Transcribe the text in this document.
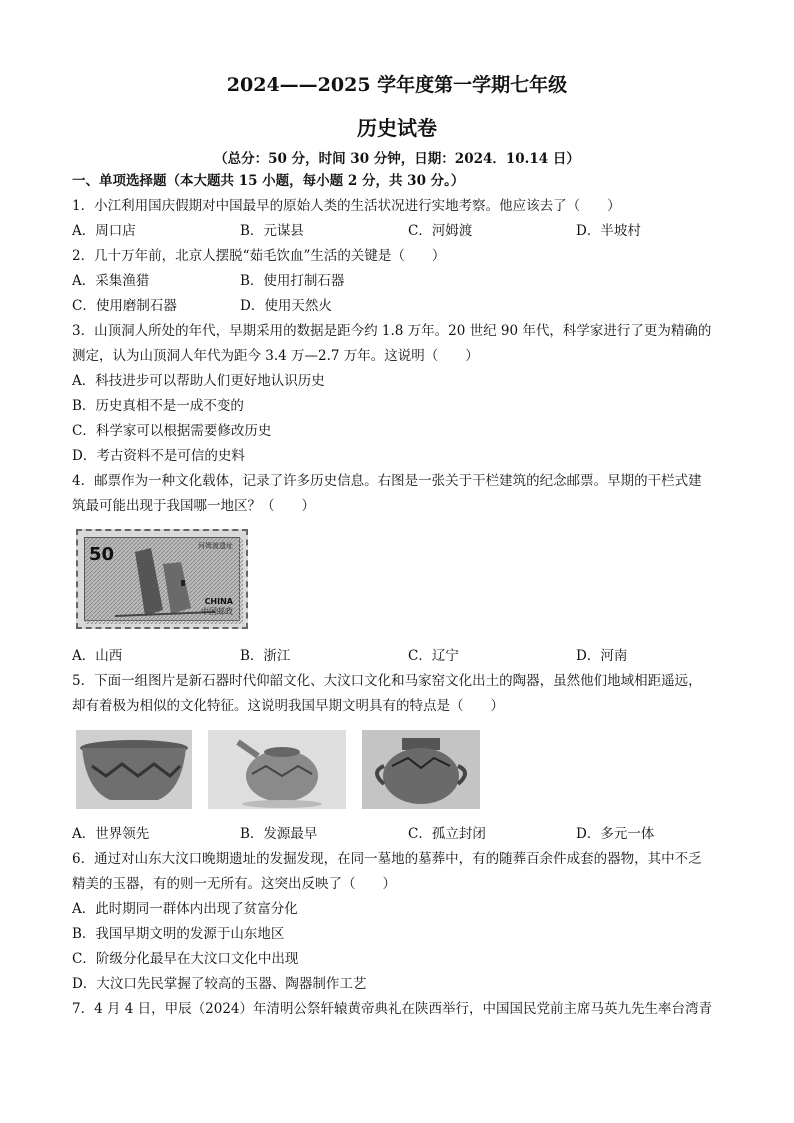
2024——2025 学年度第一学期七年级
历史试卷
（总分：50 分，时间 30 分钟，日期：2024．10.14 日）
一、单项选择题（本大题共 15 小题，每小题 2 分，共 30 分。）
1．小江利用国庆假期对中国最早的原始人类的生活状况进行实地考察。他应该去了（　　）
A．周口店	B．元谋县	C．河姆渡	D．半坡村
2．几十万年前，北京人摆脱“茹毛饮血”生活的关键是（　　）
A．采集渔猎	B．使用打制石器
C．使用磨制石器	D．使用天然火
3．山顶洞人所处的年代，早期采用的数据是距今约 1.8 万年。20 世纪 90 年代，科学家进行了更为精确的
测定，认为山顶洞人年代为距今 3.4 万—2.7 万年。这说明（　　）
A．科技进步可以帮助人们更好地认识历史
B．历史真相不是一成不变的
C．科学家可以根据需要修改历史
D．考古资料不是可信的史料
4．邮票作为一种文化载体，记录了许多历史信息。右图是一张关于干栏建筑的纪念邮票。早期的干栏式建
筑最可能出现于我国哪一地区？（　　）
50	河姆渡遗址
CHINA
中国邮政
A．山西	B．浙江	C．辽宁	D．河南
5．下面一组图片是新石器时代仰韶文化、大汶口文化和马家窑文化出土的陶器，虽然他们地域相距遥远，
却有着极为相似的文化特征。这说明我国早期文明具有的特点是（　　）
A．世界领先	B．发源最早	C．孤立封闭	D．多元一体
6．通过对山东大汶口晚期遗址的发掘发现，在同一墓地的墓葬中，有的随葬百余件成套的器物，其中不乏
精美的玉器，有的则一无所有。这突出反映了（　　）
A．此时期同一群体内出现了贫富分化
B．我国早期文明的发源于山东地区
C．阶级分化最早在大汶口文化中出现
D．大汶口先民掌握了较高的玉器、陶器制作工艺
7．4 月 4 日，甲辰（2024）年清明公祭轩辕黄帝典礼在陕西举行，中国国民党前主席马英九先生率台湾青
